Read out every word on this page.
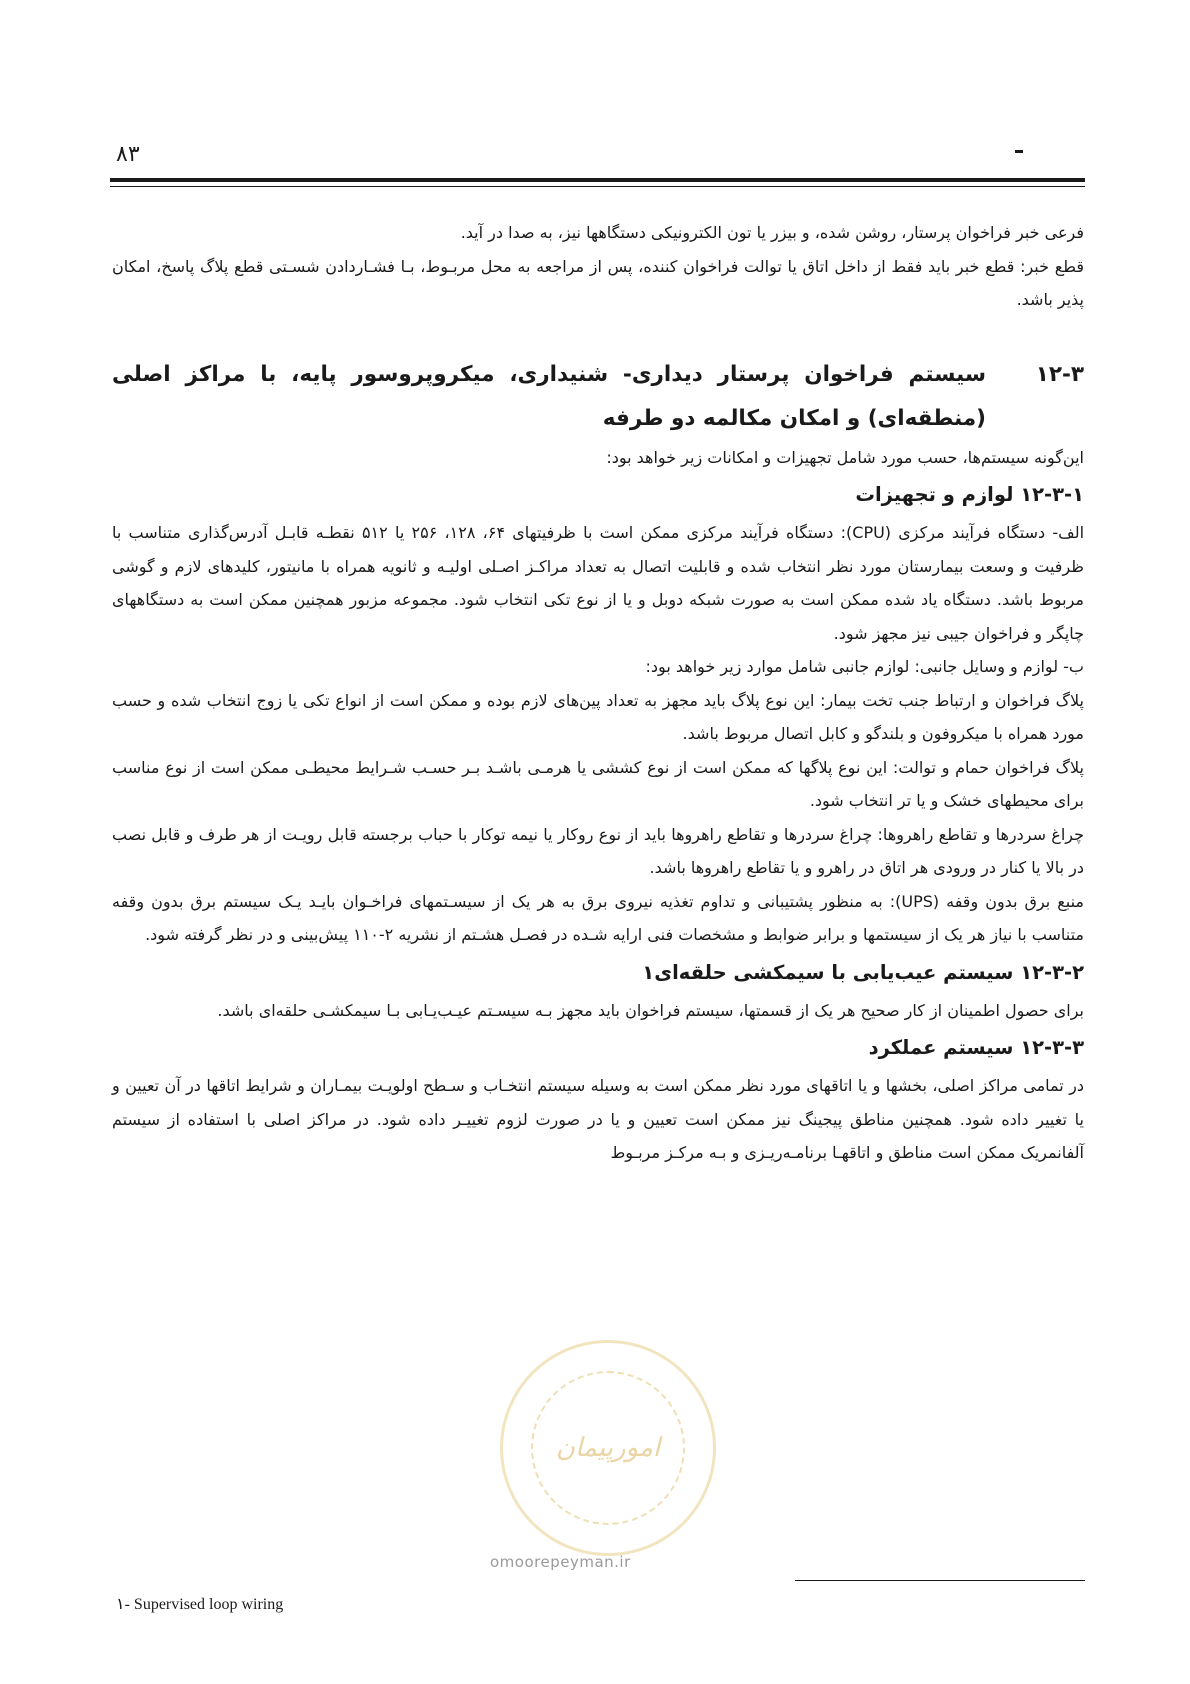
۸۳

فرعی خبر فراخوان پرستار، روشن شده، و بیزر یا تون الکترونیکی دستگاهها نیز، به صدا در آید.

قطع خبر: قطع خبر باید فقط از داخل اتاق یا توالت فراخوان کننده، پس از مراجعه به محل مربـوط، بـا فشـاردادن شسـتی قطع پلاگ پاسخ، امکان پذیر باشد.

۱۲-۳
سیستم فراخوان پرستار دیداری- شنیداری، میکروپروسور پایه، با مراکز اصلی (منطقه‌ای) و امکان مکالمه دو طرفه

این‌گونه سیستم‌ها، حسب مورد شامل تجهیزات و امکانات زیر خواهد بود:

۱۲-۳-۱ لوازم و تجهیزات

الف- دستگاه فرآیند مرکزی (CPU): دستگاه فرآیند مرکزی ممکن است با ظرفیتهای ۶۴، ۱۲۸، ۲۵۶ یا ۵۱۲ نقطـه قابـل آدرس‌گذاری متناسب با ظرفیت و وسعت بیمارستان مورد نظر انتخاب شده و قابلیت اتصال به تعداد مراکـز اصـلی اولیـه و ثانویه همراه با مانیتور، کلیدهای لازم و گوشی مربوط باشد. دستگاه یاد شده ممکن است به صورت شبکه دوبل و یا از نوع تکی انتخاب شود. مجموعه مزبور همچنین ممکن است به دستگاههای چاپگر و فراخوان جیبی نیز مجهز شود.

ب- لوازم و وسایل جانبی: لوازم جانبی شامل موارد زیر خواهد بود:

پلاگ فراخوان و ارتباط جنب تخت بیمار: این نوع پلاگ باید مجهز به تعداد پین‌های لازم بوده و ممکن است از انواع تکی یا زوج انتخاب شده و حسب مورد همراه با میکروفون و بلندگو و کابل اتصال مربوط باشد.

پلاگ فراخوان حمام و توالت: این نوع پلاگها که ممکن است از نوع کششی یا هرمـی باشـد بـر حسـب شـرایط محیطـی ممکن است از نوع مناسب برای محیطهای خشک و یا تر انتخاب شود.

چراغ سردرها و تقاطع راهروها: چراغ سردرها و تقاطع راهروها باید از نوع روکار یا نیمه توکار با حباب برجسته قابل رویـت از هر طرف و قابل نصب در بالا یا کنار در ورودی هر اتاق در راهرو و یا تقاطع راهروها باشد.

منبع برق بدون وقفه (UPS): به منظور پشتیبانی و تداوم تغذیه نیروی برق به هر یک از سیسـتمهای فراخـوان بایـد یـک سیستم برق بدون وقفه متناسب با نیاز هر یک از سیستمها و برابر ضوابط و مشخصات فنی ارایه شـده در فصـل هشـتم از نشریه ۲-۱۱۰ پیش‌بینی و در نظر گرفته شود.

۱۲-۳-۲ سیستم عیب‌یابی با سیمکشی حلقه‌ای۱

برای حصول اطمینان از کار صحیح هر یک از قسمتها، سیستم فراخوان باید مجهز بـه سیسـتم عیـب‌یـابی بـا سیمکشـی حلقه‌ای باشد.

۱۲-۳-۳ سیستم عملکرد

در تمامی مراکز اصلی، بخشها و یا اتاقهای مورد نظر ممکن است به وسیله سیستم انتخـاب و سـطح اولویـت بیمـاران و شرایط اتاقها در آن تعیین و یا تغییر داده شود. همچنین مناطق پیجینگ نیز ممکن است تعیین و یا در صورت لزوم تغییـر داده شود. در مراکز اصلی با استفاده از سیستم آلفانمریک ممکن است مناطق و اتاقهـا برنامـه‌ریـزی و بـه مرکـز مربـوط

امورپیمان
omoorepeyman.ir
۱- Supervised loop wiring
